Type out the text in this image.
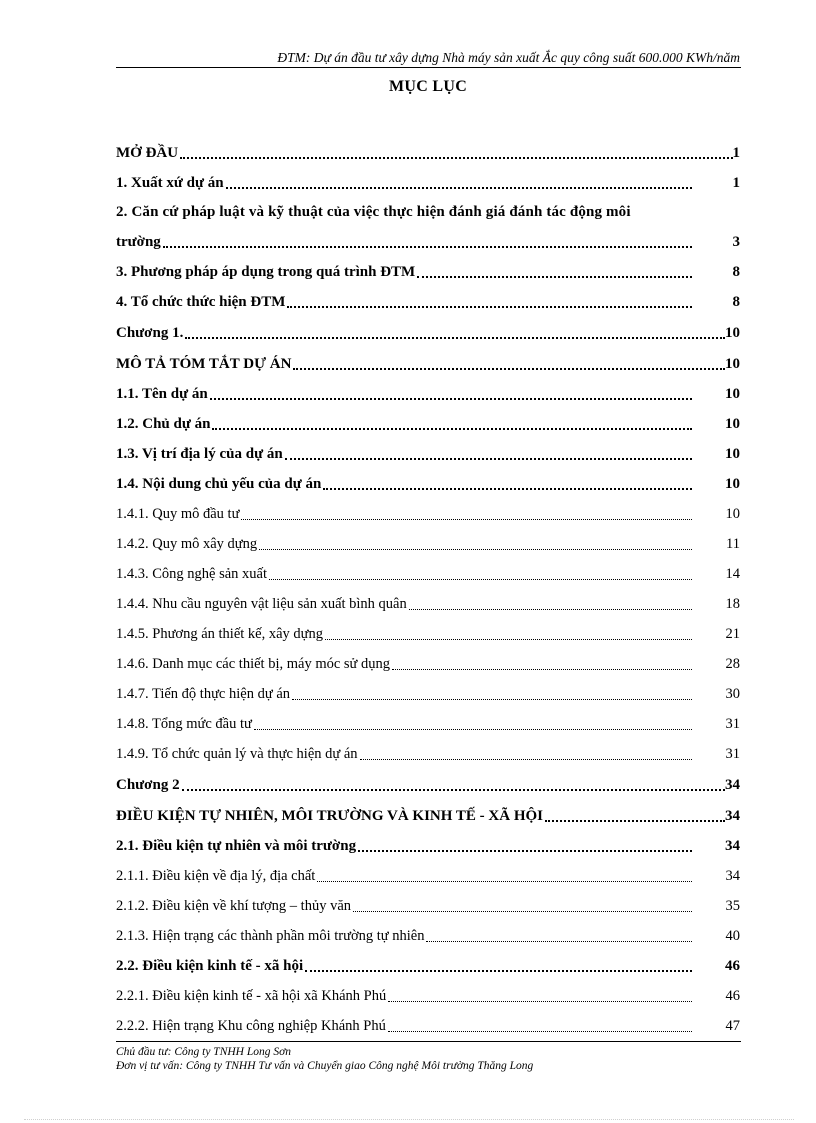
ĐTM: Dự án đầu tư xây dựng Nhà máy sản xuất Ắc quy công suất 600.000 KWh/năm
MỤC LỤC
MỞ ĐẦU	1
1. Xuất xứ dự án	1
2. Căn cứ pháp luật và kỹ thuật của việc thực hiện đánh giá đánh tác động môi
trường	3
3. Phương pháp áp dụng trong quá trình ĐTM	8
4. Tổ chức thức hiện ĐTM	8
Chương 1.	10
MÔ TẢ TÓM TẮT DỰ ÁN	10
1.1. Tên dự án	10
1.2. Chủ dự án	10
1.3. Vị trí địa lý của dự án	10
1.4. Nội dung chủ yếu của dự án	10
1.4.1. Quy mô đầu tư	10
1.4.2. Quy mô xây dựng	11
1.4.3. Công nghệ sản xuất	14
1.4.4. Nhu cầu nguyên vật liệu sản xuất bình quân	18
1.4.5. Phương án thiết kế, xây dựng	21
1.4.6. Danh mục các thiết bị, máy móc sử dụng	28
1.4.7. Tiến độ thực hiện dự án	30
1.4.8. Tổng mức đầu tư	31
1.4.9. Tổ chức quản lý và thực hiện dự án	31
Chương 2	34
ĐIỀU KIỆN TỰ NHIÊN, MÔI TRƯỜNG VÀ KINH TẾ - XÃ HỘI	34
2.1. Điều kiện tự nhiên và môi trường	34
2.1.1. Điều kiện về địa lý, địa chất	34
2.1.2. Điều kiện về khí tượng – thủy văn	35
2.1.3. Hiện trạng các thành phần môi trường tự nhiên	40
2.2. Điều kiện kinh tế - xã hội	46
2.2.1. Điều kiện kinh tế - xã hội xã Khánh Phú	46
2.2.2. Hiện trạng Khu công nghiệp Khánh Phú	47
Chủ đầu tư: Công ty TNHH Long Sơn
Đơn vị tư vấn: Công ty TNHH Tư vấn và Chuyển giao Công nghệ Môi trường Thăng Long
